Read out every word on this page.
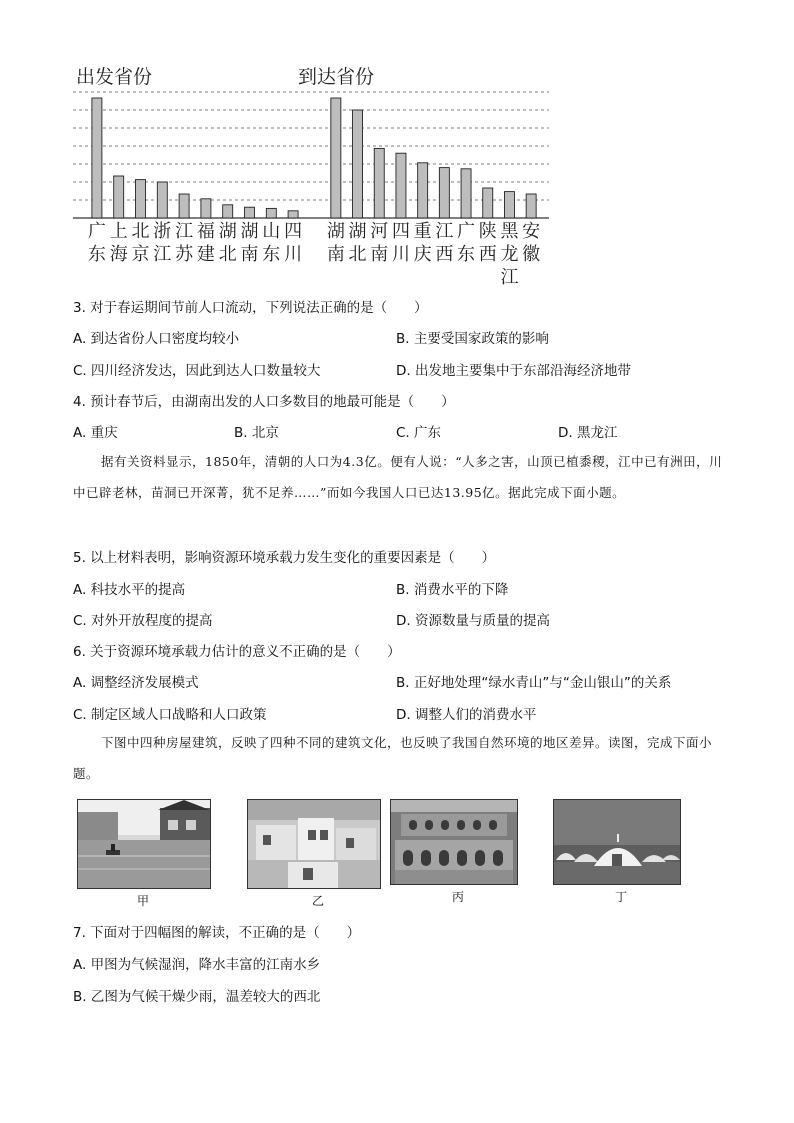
出发省份	到达省份
广东
上海
北京
浙江
江苏
福建
湖北
湖南
山东
四川
湖南
湖北
河南
四川
重庆
江西
广东
陕西
黑龙江
安徽
3. 对于春运期间节前人口流动，下列说法正确的是（　　）
A. 到达省份人口密度均较小	B. 主要受国家政策的影响
C. 四川经济发达，因此到达人口数量较大	D. 出发地主要集中于东部沿海经济地带
4. 预计春节后，由湖南出发的人口多数目的地最可能是（　　）
A. 重庆	B. 北京	C. 广东	D. 黑龙江
据有关资料显示，1850年，清朝的人口为4.3亿。便有人说：“人多之害，山顶已植黍稷，江中已有洲田，川中已辟老林，苗洞已开深菁，犹不足养……”而如今我国人口已达13.95亿。据此完成下面小题。
5. 以上材料表明，影响资源环境承载力发生变化的重要因素是（　　）
A. 科技水平的提高	B. 消费水平的下降
C. 对外开放程度的提高	D. 资源数量与质量的提高
6. 关于资源环境承载力估计的意义不正确的是（　　）
A. 调整经济发展模式	B. 正好地处理“绿水青山”与“金山银山”的关系
C. 制定区域人口战略和人口政策	D. 调整人们的消费水平
下图中四种房屋建筑，反映了四种不同的建筑文化，也反映了我国自然环境的地区差异。读图，完成下面小题。
甲	乙	丙	丁
7. 下面对于四幅图的解读，不正确的是（　　）
A. 甲图为气候湿润，降水丰富的江南水乡
B. 乙图为气候干燥少雨，温差较大的西北
